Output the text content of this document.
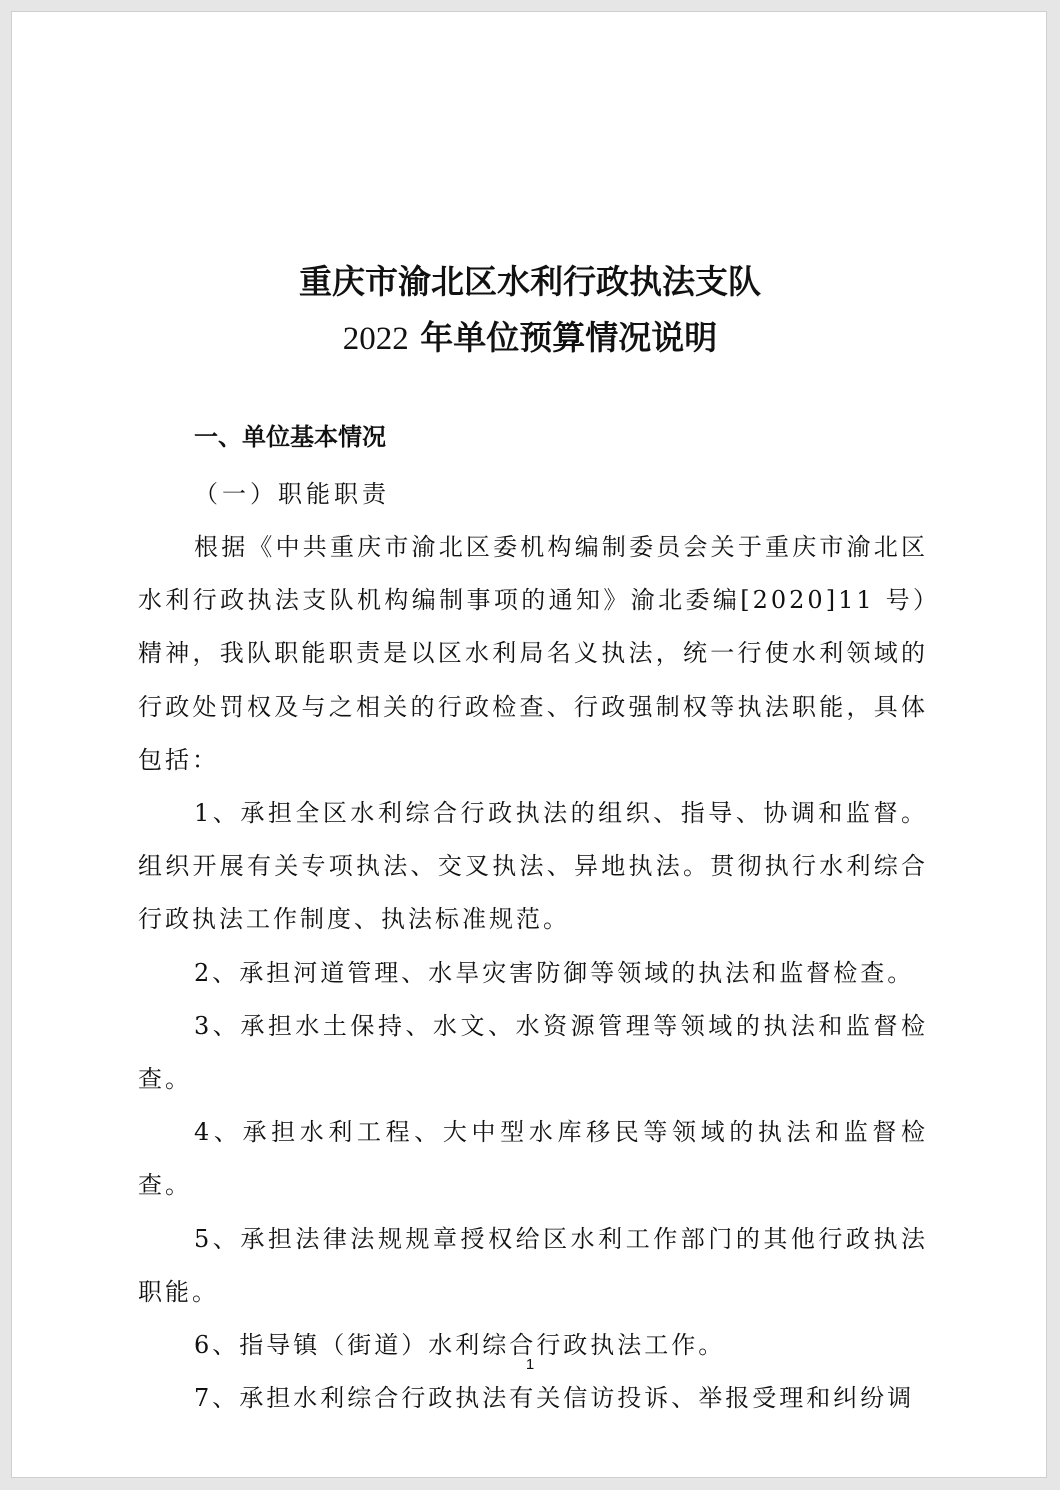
重庆市渝北区水利行政执法支队
2022 年单位预算情况说明
一、单位基本情况
（一）职能职责

根据《中共重庆市渝北区委机构编制委员会关于重庆市渝北区水利行政执法支队机构编制事项的通知》渝北委编[2020]11 号）精神，我队职能职责是以区水利局名义执法，统一行使水利领域的行政处罚权及与之相关的行政检查、行政强制权等执法职能，具体包括：

1、承担全区水利综合行政执法的组织、指导、协调和监督。组织开展有关专项执法、交叉执法、异地执法。贯彻执行水利综合行政执法工作制度、执法标准规范。

2、承担河道管理、水旱灾害防御等领域的执法和监督检查。

3、承担水土保持、水文、水资源管理等领域的执法和监督检查。

4、承担水利工程、大中型水库移民等领域的执法和监督检查。

5、承担法律法规规章授权给区水利工作部门的其他行政执法职能。

6、指导镇（街道）水利综合行政执法工作。

7、承担水利综合行政执法有关信访投诉、举报受理和纠纷调

1
